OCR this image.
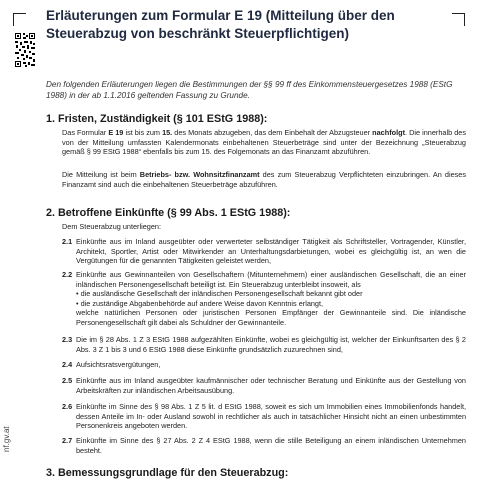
nf.gv.at
Erläuterungen zum Formular E 19 (Mitteilung über den Steuerabzug von beschränkt Steuerpflichtigen)

Den folgenden Erläuterungen liegen die Bestimmungen der §§ 99 ff des Einkommensteuergesetzes 1988 (EStG 1988) in der ab 1.1.2016 geltenden Fassung zu Grunde.

1. Fristen, Zuständigkeit (§ 101 EStG 1988):

Das Formular E 19 ist bis zum 15. des Monats abzugeben, das dem Einbehalt der Abzugsteuer nachfolgt. Die innerhalb des von der Mitteilung umfassten Kalendermonats einbehaltenen Steuerbeträge sind unter der Bezeichnung „Steuerabzug gemäß § 99 EStG 1988“ ebenfalls bis zum 15. des Folgemonats an das Finanzamt abzuführen.

Die Mitteilung ist beim Betriebs- bzw. Wohnsitzfinanzamt des zum Steuerabzug Verpflichteten einzubringen. An dieses Finanzamt sind auch die einbehaltenen Steuerbeträge abzuführen.

2. Betroffene Einkünfte (§ 99 Abs. 1 EStG 1988):

Dem Steuerabzug unterliegen:

2.1 Einkünfte aus im Inland ausgeübter oder verwerteter selbständiger Tätigkeit als Schriftsteller, Vortragender, Künstler, Architekt, Sportler, Artist oder Mitwirkender an Unterhaltungsdarbietungen, wobei es gleichgültig ist, an wen die Vergütungen für die genannten Tätigkeiten geleistet werden,
2.2 Einkünfte aus Gewinnanteilen von Gesellschaftern (Mitunternehmern) einer ausländischen Gesellschaft, die an einer inländischen Personengesellschaft beteiligt ist. Ein Steuerabzug unterbleibt insoweit, als
• die ausländische Gesellschaft der inländischen Personengesellschaft bekannt gibt oder
• die zuständige Abgabenbehörde auf andere Weise davon Kenntnis erlangt,
welche natürlichen Personen oder juristischen Personen Empfänger der Gewinnanteile sind. Die inländische Personengesellschaft gilt dabei als Schuldner der Gewinnanteile.
2.3 Die im § 28 Abs. 1 Z 3 EStG 1988 aufgezählten Einkünfte, wobei es gleichgültig ist, welcher der Einkunftsarten des § 2 Abs. 3 Z 1 bis 3 und 6 EStG 1988 diese Einkünfte grundsätzlich zuzurechnen sind,
2.4 Aufsichtsratsvergütungen,
2.5 Einkünfte aus im Inland ausgeübter kaufmännischer oder technischer Beratung und Einkünfte aus der Gestellung von Arbeitskräften zur inländischen Arbeitsausübung.
2.6 Einkünfte im Sinne des § 98 Abs. 1 Z 5 lit. d EStG 1988, soweit es sich um Immobilien eines Immobilienfonds handelt, dessen Anteile im In- oder Ausland sowohl in rechtlicher als auch in tatsächlicher Hinsicht nicht an einen unbestimmten Personenkreis angeboten werden.
2.7 Einkünfte im Sinne des § 27 Abs. 2 Z 4 EStG 1988, wenn die stille Beteiligung an einem inländischen Unternehmen besteht.
3. Bemessungsgrundlage für den Steuerabzug:
